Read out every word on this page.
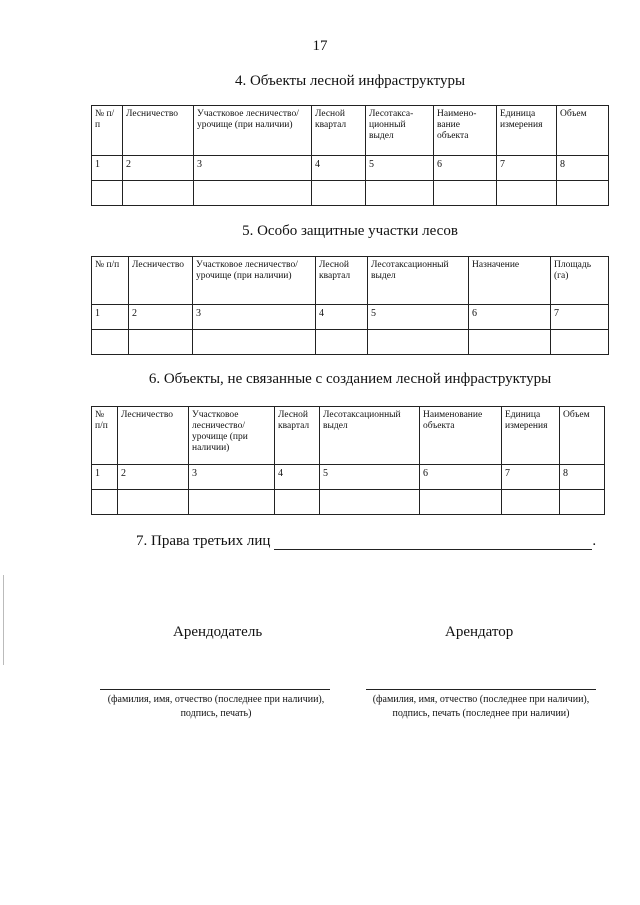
17
4. Объекты лесной инфраструктуры
№ п/п	Лесничество	Участковое лесничество/урочище (при наличии)	Лесной квартал	Лесотакса-ционный выдел	Наимено-вание объекта	Единица измерения	Объем
1	2	3	4	5	6	7	8

5. Особо защитные участки лесов
№ п/п	Лесничество	Участковое лесничество/урочище (при наличии)	Лесной квартал	Лесотаксационный выдел	Назначение	Площадь (га)
1	2	3	4	5	6	7

6. Объекты, не связанные с созданием лесной инфраструктуры
№ п/п	Лесничество	Участковое лесничество/ урочище (при наличии)	Лесной квартал	Лесотаксационный выдел	Наименование объекта	Единица измерения	Объем
1	2	3	4	5	6	7	8

7. Права третьих лиц	.
Арендодатель	Арендатор
(фамилия, имя, отчество (последнее при наличии), подпись, печать)
(фамилия, имя, отчество (последнее при наличии), подпись, печать (последнее при наличии)
